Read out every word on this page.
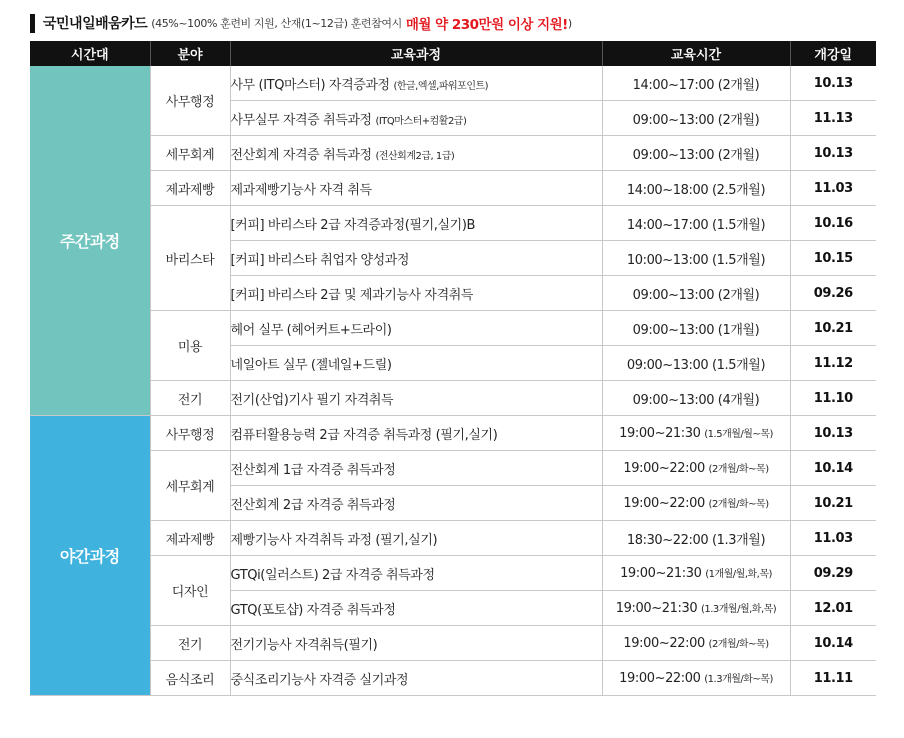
국민내일배움카드 (45%~100% 훈련비 지원, 산재(1~12급) 훈련참여시 매월 약 230만원 이상 지원! )
시간대	분야	교육과정	교육시간	개강일
주간과정	사무행정	사무 (ITQ마스터) 자격증과정 (한글,엑셀,파워포인트)	14:00~17:00 (2개월)	10.13
		사무실무 자격증 취득과정 (ITQ마스터+컴활2급)	09:00~13:00 (2개월)	11.13
	세무회계	전산회계 자격증 취득과정 (전산회계2급, 1급)	09:00~13:00 (2개월)	10.13
	제과제빵	제과제빵기능사 자격 취득	14:00~18:00 (2.5개월)	11.03
	바리스타	[커피] 바리스타 2급 자격증과정(필기,실기)B	14:00~17:00 (1.5개월)	10.16
		[커피] 바리스타 취업자 양성과정	10:00~13:00 (1.5개월)	10.15
		[커피] 바리스타 2급 및 제과기능사 자격취득	09:00~13:00 (2개월)	09.26
	미용	헤어 실무 (헤어커트+드라이)	09:00~13:00 (1개월)	10.21
		네일아트 실무 (젤네일+드릴)	09:00~13:00 (1.5개월)	11.12
	전기	전기(산업)기사 필기 자격취득	09:00~13:00 (4개월)	11.10
야간과정	사무행정	컴퓨터활용능력 2급 자격증 취득과정 (필기,실기)	19:00~21:30 (1.5개월/월~목)	10.13
	세무회계	전산회계 1급 자격증 취득과정	19:00~22:00 (2개월/화~목)	10.14
		전산회계 2급 자격증 취득과정	19:00~22:00 (2개월/화~목)	10.21
	제과제빵	제빵기능사 자격취득 과정 (필기,실기)	18:30~22:00 (1.3개월)	11.03
	디자인	GTQi(일러스트) 2급 자격증 취득과정	19:00~21:30 (1개월/월,화,목)	09.29
		GTQ(포토샵) 자격증 취득과정	19:00~21:30 (1.3개월/월,화,목)	12.01
	전기	전기기능사 자격취득(필기)	19:00~22:00 (2개월/화~목)	10.14
	음식조리	중식조리기능사 자격증 실기과정	19:00~22:00 (1.3개월/화~목)	11.11
